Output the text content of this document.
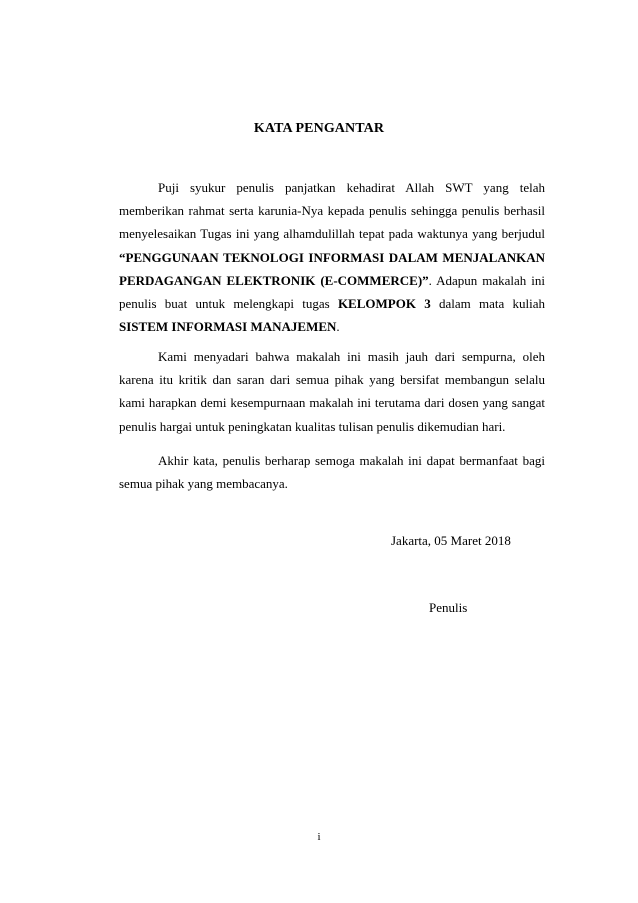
KATA PENGANTAR

Puji syukur penulis panjatkan kehadirat Allah SWT yang telah memberikan rahmat serta karunia-Nya kepada penulis sehingga penulis berhasil menyelesaikan Tugas ini yang alhamdulillah tepat pada waktunya yang berjudul “PENGGUNAAN TEKNOLOGI INFORMASI DALAM MENJALANKAN PERDAGANGAN ELEKTRONIK (E-COMMERCE)”. Adapun makalah ini penulis buat untuk melengkapi tugas KELOMPOK 3 dalam mata kuliah SISTEM INFORMASI MANAJEMEN.

Kami menyadari bahwa makalah ini masih jauh dari sempurna, oleh karena itu kritik dan saran dari semua pihak yang bersifat membangun selalu kami harapkan demi kesempurnaan makalah ini terutama dari dosen yang sangat penulis hargai untuk peningkatan kualitas tulisan penulis dikemudian hari.

Akhir kata, penulis berharap semoga makalah ini dapat bermanfaat bagi semua pihak yang membacanya.

Jakarta, 05 Maret 2018
Penulis
i
